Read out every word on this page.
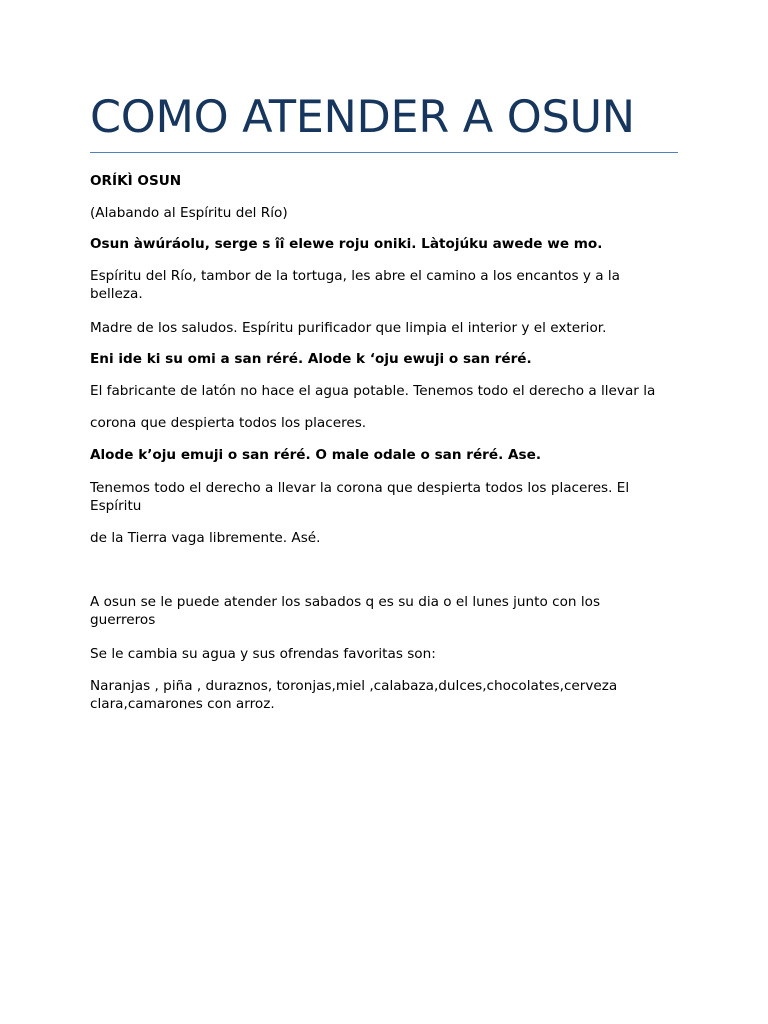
COMO ATENDER A OSUN

ORÍKÌ OSUN

(Alabando al Espíritu del Río)

Osun àwúráolu, serge s îî elewe roju oniki. Làtojúku awede we mo.

Espíritu del Río, tambor de la tortuga, les abre el camino a los encantos y a la belleza.

Madre de los saludos. Espíritu purificador que limpia el interior y el exterior.

Eni ide ki su omi a san réré. Alode k ‘oju ewuji o san réré.

El fabricante de latón no hace el agua potable. Tenemos todo el derecho a llevar la

corona que despierta todos los placeres.

Alode k’oju emuji o san réré. O male odale o san réré. Ase.

Tenemos todo el derecho a llevar la corona que despierta todos los placeres. El Espíritu

de la Tierra vaga libremente. Asé.

A osun se le puede atender los sabados q es su dia o el lunes junto con los guerreros

Se le cambia su agua y sus ofrendas favoritas son:

Naranjas , piña , duraznos, toronjas,miel ,calabaza,dulces,chocolates,cerveza clara,camarones con arroz.
